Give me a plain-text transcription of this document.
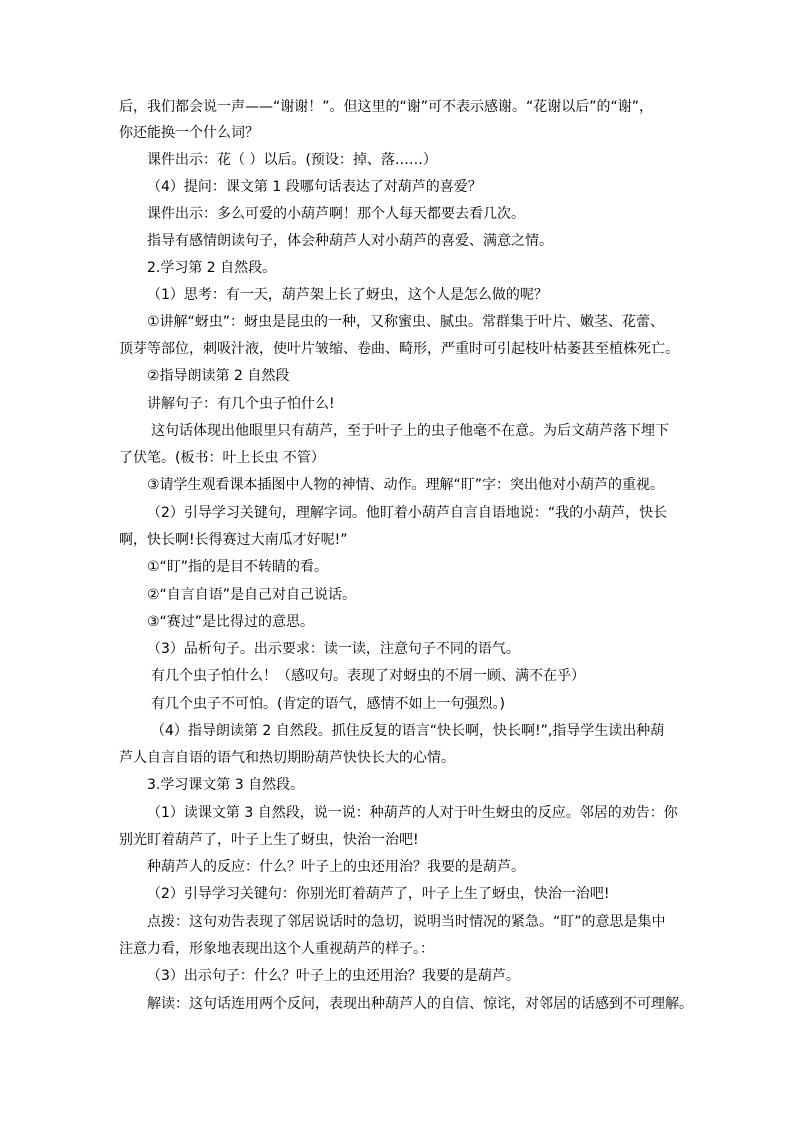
后，我们都会说一声——“谢谢！”。但这里的“谢”可不表示感谢。“花谢以后”的“谢”，

你还能换一个什么词？

课件出示：花（ ）以后。(预设：掉、落……）

（4）提问：课文第 1 段哪句话表达了对葫芦的喜爱？

课件出示：多么可爱的小葫芦啊！那个人每天都要去看几次。

指导有感情朗读句子，体会种葫芦人对小葫芦的喜爱、满意之情。

2.学习第 2 自然段。

（1）思考：有一天，葫芦架上长了蚜虫，这个人是怎么做的呢？

①讲解“蚜虫”：蚜虫是昆虫的一种，又称蜜虫、腻虫。常群集于叶片、嫩茎、花蕾、

顶芽等部位，刺吸汁液，使叶片皱缩、卷曲、畸形，严重时可引起枝叶枯萎甚至植株死亡。

②指导朗读第 2 自然段

讲解句子：有几个虫子怕什么!

这句话体现出他眼里只有葫芦，至于叶子上的虫子他毫不在意。为后文葫芦落下埋下

了伏笔。(板书：叶上长虫 不管）

③请学生观看课本插图中人物的神情、动作。理解“盯”字：突出他对小葫芦的重视。

（2）引导学习关键句，理解字词。他盯着小葫芦自言自语地说：“我的小葫芦，快长

啊，快长啊!长得赛过大南瓜才好呢!”

①“盯”指的是目不转睛的看。

②“自言自语”是自己对自己说话。

③“赛过”是比得过的意思。

（3）品析句子。出示要求：读一读，注意句子不同的语气。

有几个虫子怕什么！（感叹句。表现了对蚜虫的不屑一顾、满不在乎）

有几个虫子不可怕。(肯定的语气，感情不如上一句强烈。)

（4）指导朗读第 2 自然段。抓住反复的语言“快长啊，快长啊!”,指导学生读出种葫

芦人自言自语的语气和热切期盼葫芦快快长大的心情。

3.学习课文第 3 自然段。

（1）读课文第 3 自然段，说一说：种葫芦的人对于叶生蚜虫的反应。邻居的劝告：你

别光盯着葫芦了，叶子上生了蚜虫，快治一治吧!

种葫芦人的反应：什么？叶子上的虫还用治？我要的是葫芦。

（2）引导学习关键句：你别光盯着葫芦了，叶子上生了蚜虫，快治一治吧!

点拨：这句劝告表现了邻居说话时的急切，说明当时情况的紧急。“盯”的意思是集中

注意力看，形象地表现出这个人重视葫芦的样子。：

（3）出示句子：什么？叶子上的虫还用治？我要的是葫芦。

解读：这句话连用两个反问，表现出种葫芦人的自信、惊诧，对邻居的话感到不可理解。
